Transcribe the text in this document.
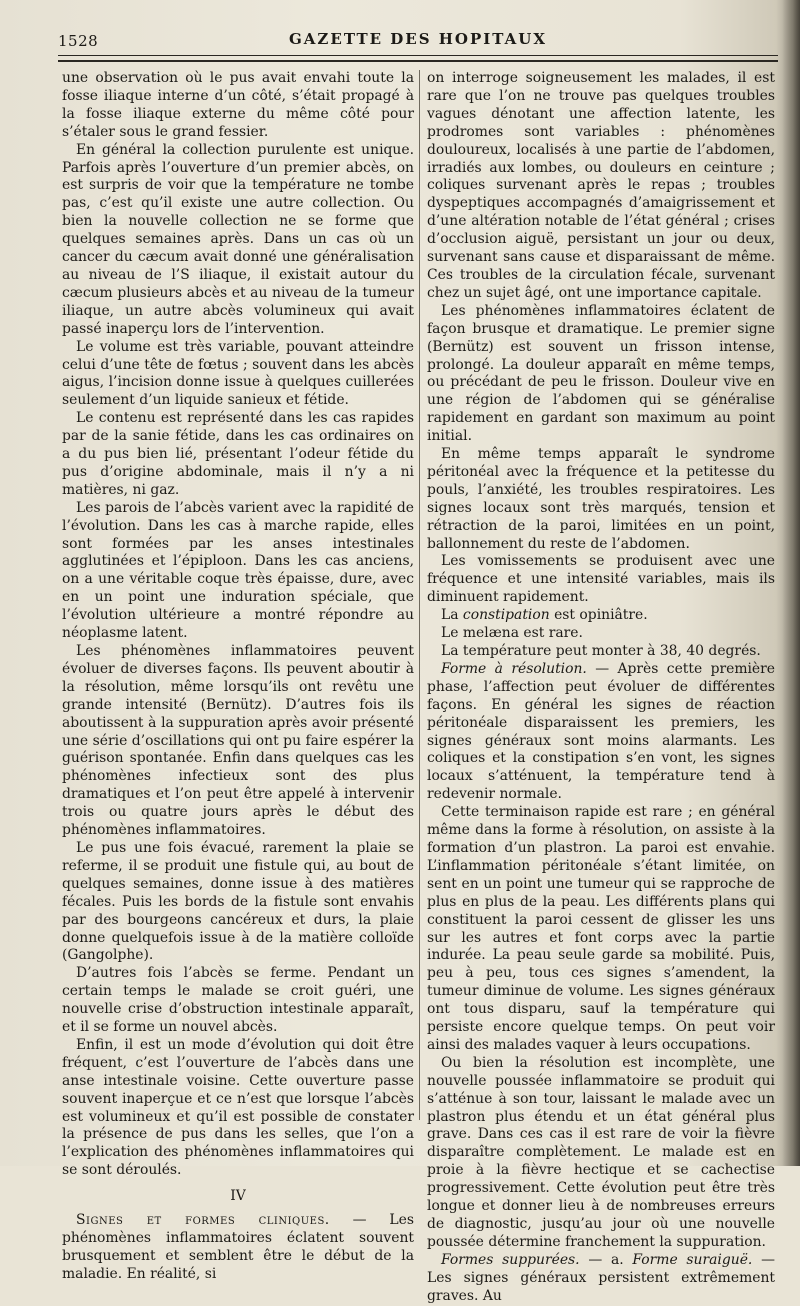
1528	GAZETTE DES HOPITAUX

une observation où le pus avait envahi toute la fosse iliaque interne d’un côté, s’était propagé à la fosse iliaque externe du même côté pour s’étaler sous le grand fessier.

En général la collection purulente est unique. Parfois après l’ouverture d’un premier abcès, on est surpris de voir que la température ne tombe pas, c’est qu’il existe une autre collection. Ou bien la nouvelle collection ne se forme que quelques semaines après. Dans un cas où un cancer du cæcum avait donné une généralisation au niveau de l’S iliaque, il existait autour du cæcum plusieurs abcès et au niveau de la tumeur iliaque, un autre abcès volumineux qui avait passé inaperçu lors de l’intervention.

Le volume est très variable, pouvant atteindre celui d’une tête de fœtus ; souvent dans les abcès aigus, l’incision donne issue à quelques cuillerées seulement d’un liquide sanieux et fétide.

Le contenu est représenté dans les cas rapides par de la sanie fétide, dans les cas ordinaires on a du pus bien lié, présentant l’odeur fétide du pus d’origine abdominale, mais il n’y a ni matières, ni gaz.

Les parois de l’abcès varient avec la rapidité de l’évolution. Dans les cas à marche rapide, elles sont formées par les anses intestinales agglutinées et l’épiploon. Dans les cas anciens, on a une véritable coque très épaisse, dure, avec en un point une induration spéciale, que l’évolution ultérieure a montré répondre au néoplasme latent.

Les phénomènes inflammatoires peuvent évoluer de diverses façons. Ils peuvent aboutir à la résolution, même lorsqu’ils ont revêtu une grande intensité (Bernütz). D’autres fois ils aboutissent à la suppuration après avoir présenté une série d’oscillations qui ont pu faire espérer la guérison spontanée. Enfin dans quelques cas les phénomènes infectieux sont des plus dramatiques et l’on peut être appelé à intervenir trois ou quatre jours après le début des phénomènes inflammatoires.

Le pus une fois évacué, rarement la plaie se referme, il se produit une fistule qui, au bout de quelques semaines, donne issue à des matières fécales. Puis les bords de la fistule sont envahis par des bourgeons cancéreux et durs, la plaie donne quelquefois issue à de la matière colloïde (Gangolphe).

D’autres fois l’abcès se ferme. Pendant un certain temps le malade se croit guéri, une nouvelle crise d’obstruction intestinale apparaît, et il se forme un nouvel abcès.

Enfin, il est un mode d’évolution qui doit être fréquent, c’est l’ouverture de l’abcès dans une anse intestinale voisine. Cette ouverture passe souvent inaperçue et ce n’est que lorsque l’abcès est volumineux et qu’il est possible de constater la présence de pus dans les selles, que l’on a l’explication des phénomènes inflammatoires qui se sont déroulés.

IV

Signes et formes cliniques. — Les phénomènes inflammatoires éclatent souvent brusquement et semblent être le début de la maladie. En réalité, si

on interroge soigneusement les malades, il est rare que l’on ne trouve pas quelques troubles vagues dénotant une affection latente, les prodromes sont variables : phénomènes douloureux, localisés à une partie de l’abdomen, irradiés aux lombes, ou douleurs en ceinture ; coliques survenant après le repas ; troubles dyspeptiques accompagnés d’amaigrissement et d’une altération notable de l’état général ; crises d’occlusion aiguë, persistant un jour ou deux, survenant sans cause et disparaissant de même. Ces troubles de la circulation fécale, survenant chez un sujet âgé, ont une importance capitale.

Les phénomènes inflammatoires éclatent de façon brusque et dramatique. Le premier signe (Bernütz) est souvent un frisson intense, prolongé. La douleur apparaît en même temps, ou précédant de peu le frisson. Douleur vive en une région de l’abdomen qui se généralise rapidement en gardant son maximum au point initial.

En même temps apparaît le syndrome péritonéal avec la fréquence et la petitesse du pouls, l’anxiété, les troubles respiratoires. Les signes locaux sont très marqués, tension et rétraction de la paroi, limitées en un point, ballonnement du reste de l’abdomen.

Les vomissements se produisent avec une fréquence et une intensité variables, mais ils diminuent rapidement.

La constipation est opiniâtre.

Le melæna est rare.

La température peut monter à 38, 40 degrés.

Forme à résolution. — Après cette première phase, l’affection peut évoluer de différentes façons. En général les signes de réaction péritonéale disparaissent les premiers, les signes généraux sont moins alarmants. Les coliques et la constipation s’en vont, les signes locaux s’atténuent, la température tend à redevenir normale.

Cette terminaison rapide est rare ; en général même dans la forme à résolution, on assiste à la formation d’un plastron. La paroi est envahie. L’inflammation péritonéale s’étant limitée, on sent en un point une tumeur qui se rapproche de plus en plus de la peau. Les différents plans qui constituent la paroi cessent de glisser les uns sur les autres et font corps avec la partie indurée. La peau seule garde sa mobilité. Puis, peu à peu, tous ces signes s’amendent, la tumeur diminue de volume. Les signes généraux ont tous disparu, sauf la température qui persiste encore quelque temps. On peut voir ainsi des malades vaquer à leurs occupations.

Ou bien la résolution est incomplète, une nouvelle poussée inflammatoire se produit qui s’atténue à son tour, laissant le malade avec un plastron plus étendu et un état général plus grave. Dans ces cas il est rare de voir la fièvre disparaître complètement. Le malade est en proie à la fièvre hectique et se cachectise progressivement. Cette évolution peut être très longue et donner lieu à de nombreuses erreurs de diagnostic, jusqu’au jour où une nouvelle poussée détermine franchement la suppuration.

Formes suppurées. — a. Forme suraiguë. — Les signes généraux persistent extrêmement graves. Au
